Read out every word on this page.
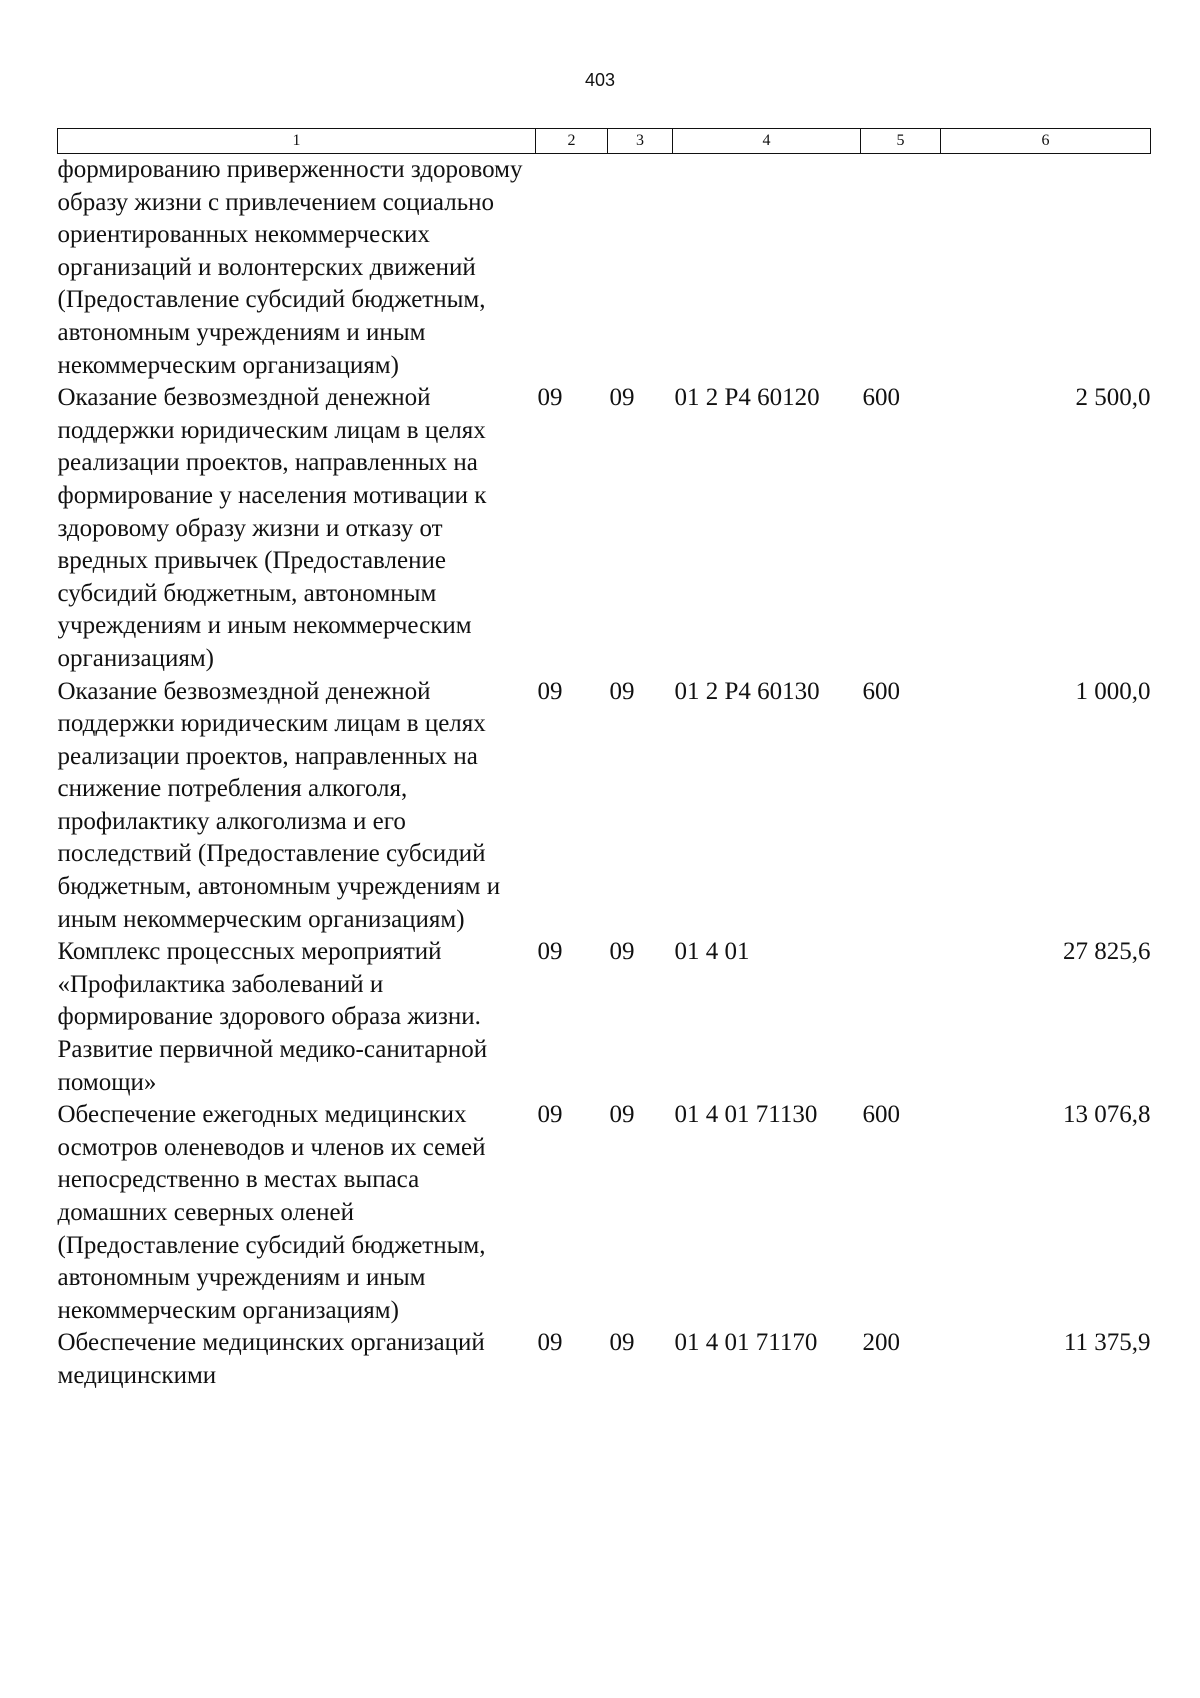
403
1	2	3	4	5	6
формированию приверженности здоровому образу жизни с привлечением социально ориентированных некоммерческих организаций и волонтерских движений (Предоставление субсидий бюджетным, автономным учреждениям и иным некоммерческим организациям)					
Оказание безвозмездной денежной поддержки юридическим лицам в целях реализации проектов, направленных на формирование у населения мотивации к здоровому образу жизни и отказу от вредных привычек (Предоставление субсидий бюджетным, автономным учреждениям и иным некоммерческим организациям)	09	09	01 2 Р4 60120	600	2 500,0
Оказание безвозмездной денежной поддержки юридическим лицам в целях реализации проектов, направленных на снижение потребления алкоголя, профилактику алкоголизма и его последствий (Предоставление субсидий бюджетным, автономным учреждениям и иным некоммерческим организациям)	09	09	01 2 Р4 60130	600	1 000,0
Комплекс процессных мероприятий «Профилактика заболеваний и формирование здорового образа жизни. Развитие первичной медико-санитарной помощи»	09	09	01 4 01		27 825,6
Обеспечение ежегодных медицинских осмотров оленеводов и членов их семей непосредственно в местах выпаса домашних северных оленей (Предоставление субсидий бюджетным, автономным учреждениям и иным некоммерческим организациям)	09	09	01 4 01 71130	600	13 076,8
Обеспечение медицинских организаций медицинскими	09	09	01 4 01 71170	200	11 375,9
